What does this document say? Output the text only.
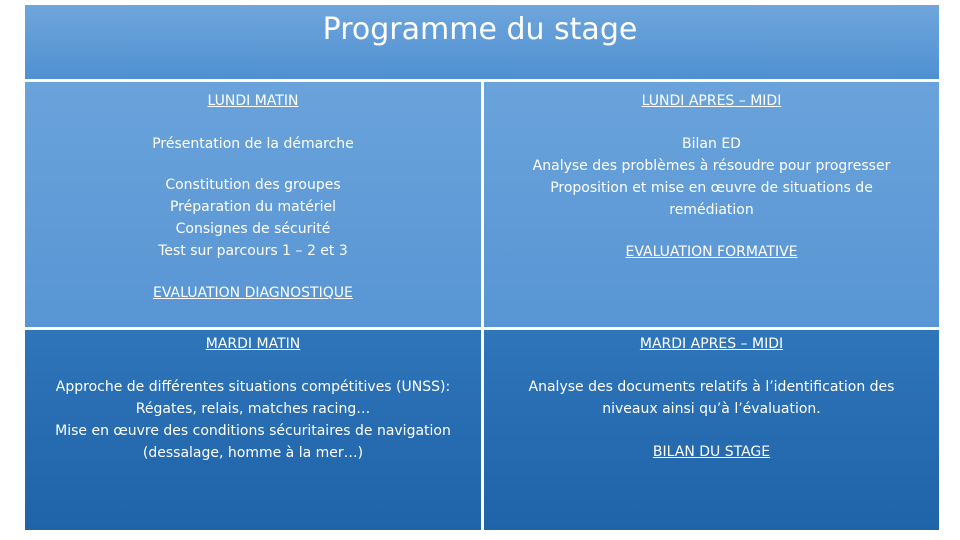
Programme du stage
LUNDI MATIN
Présentation de la démarche
Constitution des groupes
Préparation du matériel
Consignes de sécurité
Test sur parcours 1 – 2 et 3
EVALUATION DIAGNOSTIQUE
LUNDI APRES – MIDI
Bilan ED
Analyse des problèmes à résoudre pour progresser
Proposition et mise en œuvre de situations de
remédiation
EVALUATION FORMATIVE
MARDI MATIN
Approche de différentes situations compétitives (UNSS):
Régates, relais, matches racing…
Mise en œuvre des conditions sécuritaires de navigation
(dessalage, homme à la mer…)
MARDI APRES – MIDI
Analyse des documents relatifs à l’identification des
niveaux ainsi qu’à l’évaluation.
BILAN DU STAGE
